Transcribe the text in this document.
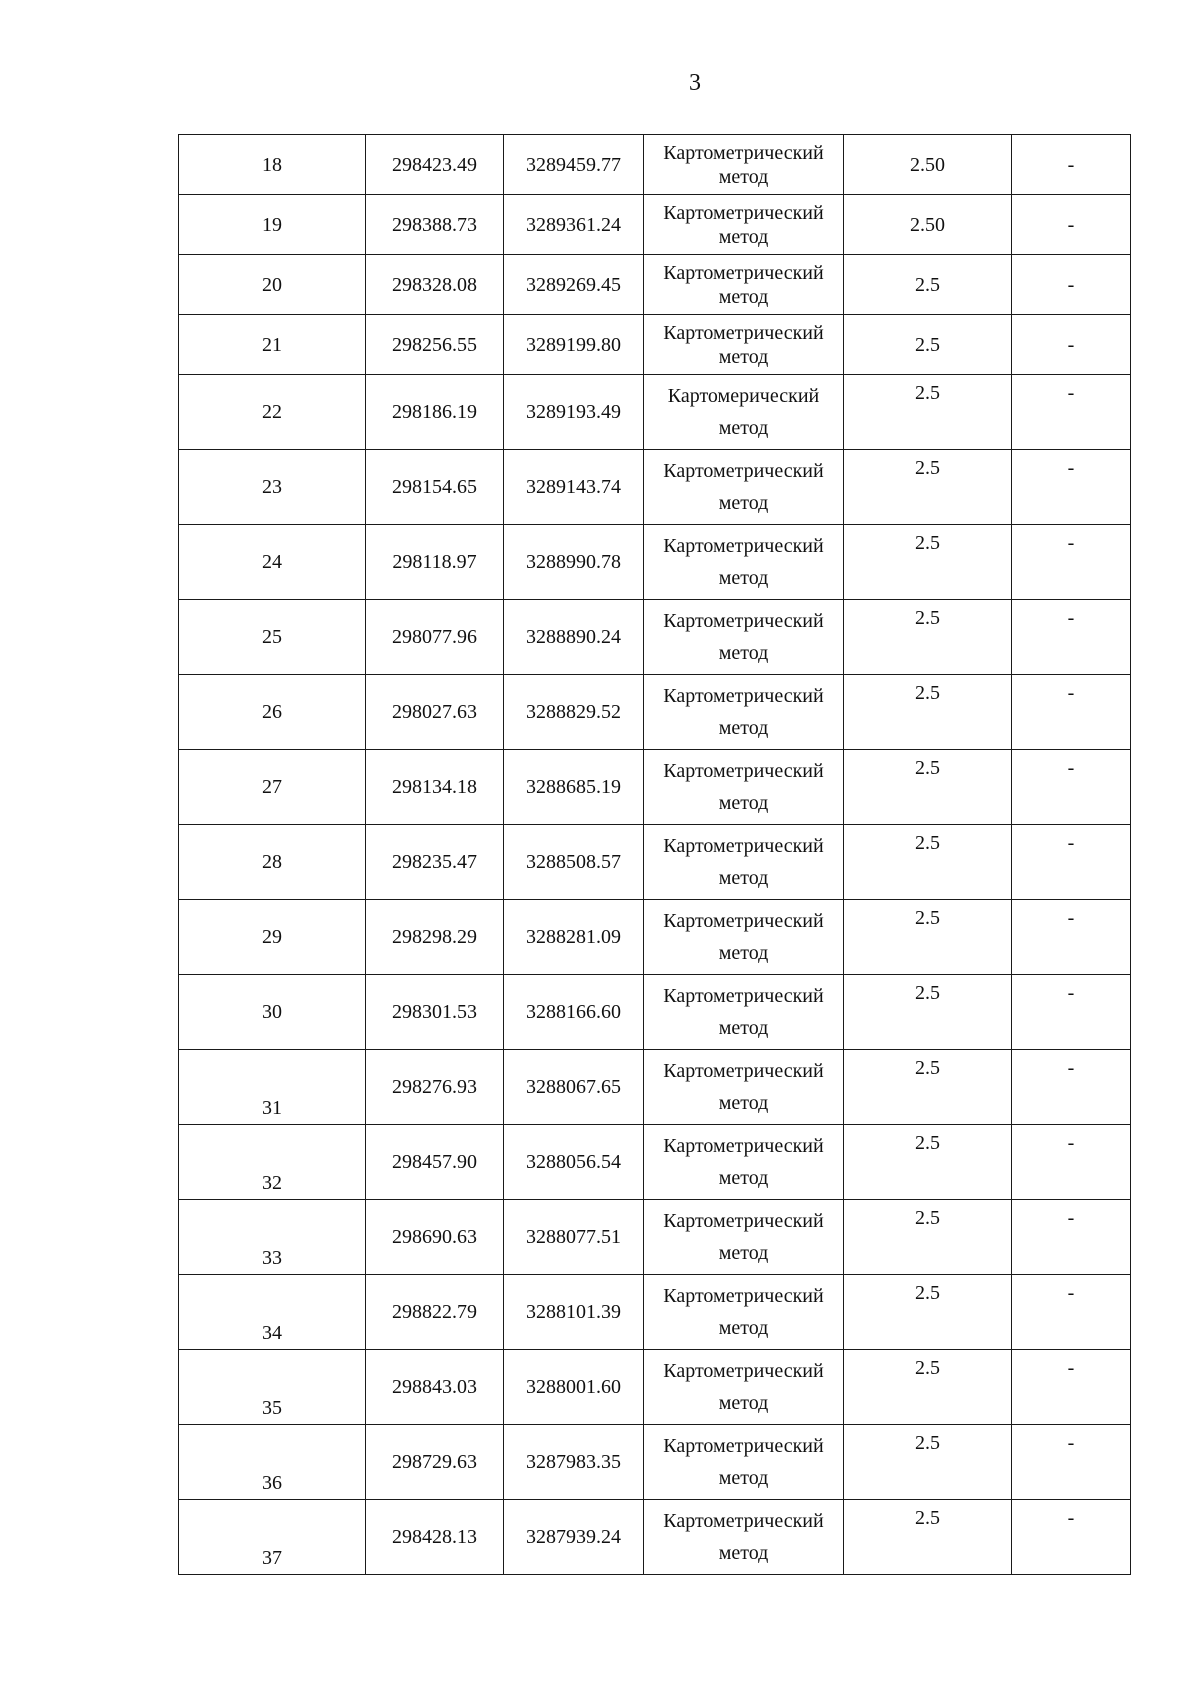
3
18	298423.49	3289459.77	Картометрический метод	2.50	-
19	298388.73	3289361.24	Картометрический метод	2.50	-
20	298328.08	3289269.45	Картометрический метод	2.5	-
21	298256.55	3289199.80	Картометрический метод	2.5	-
22	298186.19	3289193.49	Картомерический метод	2.5	-
23	298154.65	3289143.74	Картометрический метод	2.5	-
24	298118.97	3288990.78	Картометрический метод	2.5	-
25	298077.96	3288890.24	Картометрический метод	2.5	-
26	298027.63	3288829.52	Картометрический метод	2.5	-
27	298134.18	3288685.19	Картометрический метод	2.5	-
28	298235.47	3288508.57	Картометрический метод	2.5	-
29	298298.29	3288281.09	Картометрический метод	2.5	-
30	298301.53	3288166.60	Картометрический метод	2.5	-
31	298276.93	3288067.65	Картометрический метод	2.5	-
32	298457.90	3288056.54	Картометрический метод	2.5	-
33	298690.63	3288077.51	Картометрический метод	2.5	-
34	298822.79	3288101.39	Картометрический метод	2.5	-
35	298843.03	3288001.60	Картометрический метод	2.5	-
36	298729.63	3287983.35	Картометрический метод	2.5	-
37	298428.13	3287939.24	Картометрический метод	2.5	-
